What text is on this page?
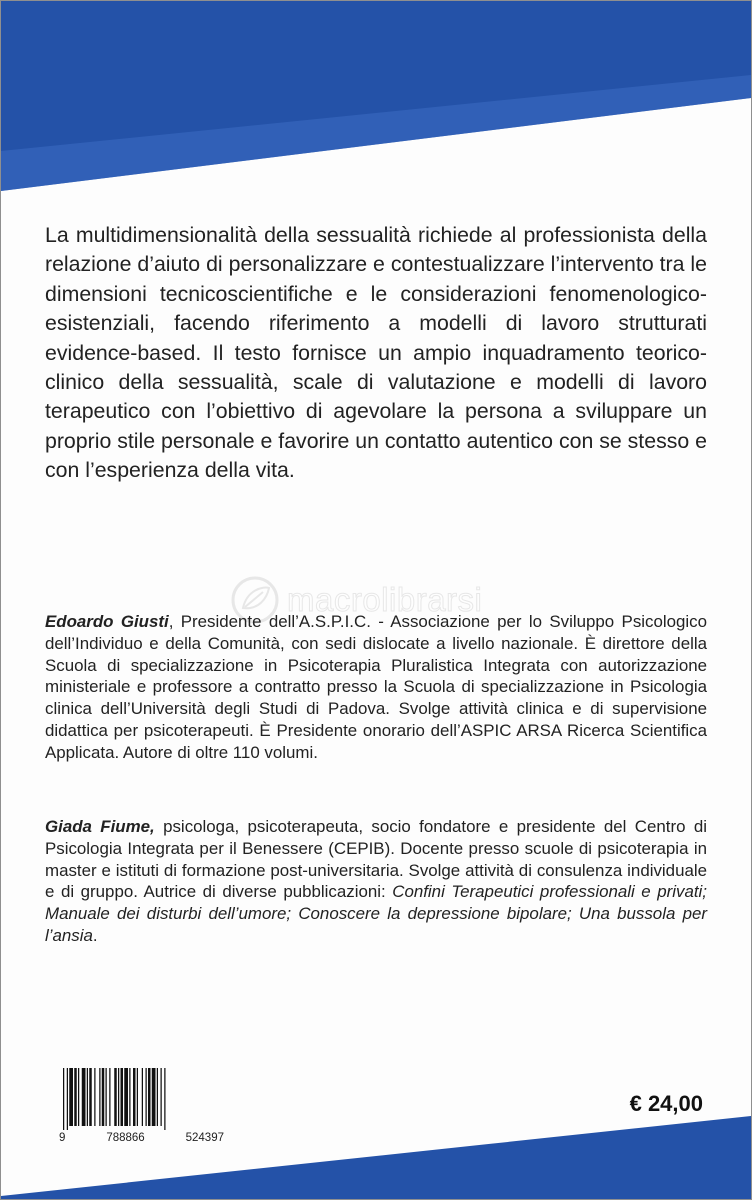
La multidimensionalità della sessualità richiede al professionista della relazione d’aiuto di personalizzare e contestualizzare l’intervento tra le dimensioni tecnicoscientifiche e le considerazioni fenomenologico-esistenziali, facendo riferimento a modelli di lavoro strutturati evidence-based. Il testo fornisce un ampio inquadramento teorico-clinico della sessualità, scale di valutazione e modelli di lavoro terapeutico con l’obiettivo di agevolare la persona a sviluppare un proprio stile personale e favorire un contatto autentico con se stesso e con l’esperienza della vita.

macrolibrarsi

Edoardo Giusti, Presidente dell’A.S.P.I.C. - Associazione per lo Sviluppo Psicologico dell’Individuo e della Comunità, con sedi dislocate a livello nazionale. È direttore della Scuola di specializzazione in Psicoterapia Pluralistica Integrata con autorizzazione ministeriale e professore a contratto presso la Scuola di specializzazione in Psicologia clinica dell’Università degli Studi di Padova. Svolge attività clinica e di supervisione didattica per psicoterapeuti. È Presidente onorario dell’ASPIC ARSA Ricerca Scientifica Applicata. Autore di oltre 110 volumi.

Giada Fiume, psicologa, psicoterapeuta, socio fondatore e presidente del Centro di Psicologia Integrata per il Benessere (CEPIB). Docente presso scuole di psicoterapia in master e istituti di formazione post-universitaria. Svolge attività di consulenza individuale e di gruppo. Autrice di diverse pubblicazioni: Confini Terapeutici professionali e privati; Manuale dei disturbi dell’umore; Conoscere la depressione bipolare; Una bussola per l’ansia.

9	788866	524397
€ 24,00
